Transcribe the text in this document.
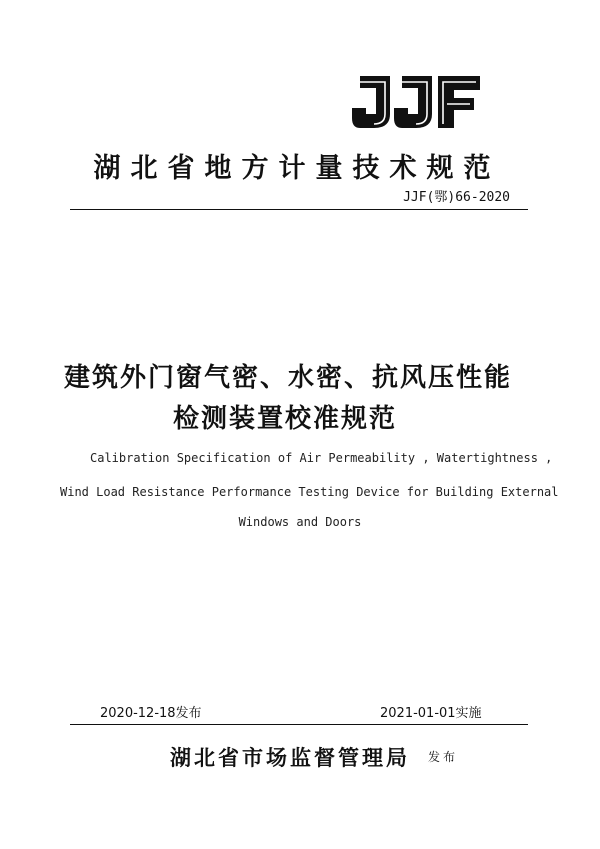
湖北省地方计量技术规范
JJF(鄂)66-2020
建筑外门窗气密、水密、抗风压性能
检测装置校准规范
Calibration Specification of Air Permeability , Watertightness ,
Wind Load Resistance Performance Testing Device for Building External
Windows and Doors
2020-12-18发布	2021-01-01实施
湖北省市场监督管理局 发布
